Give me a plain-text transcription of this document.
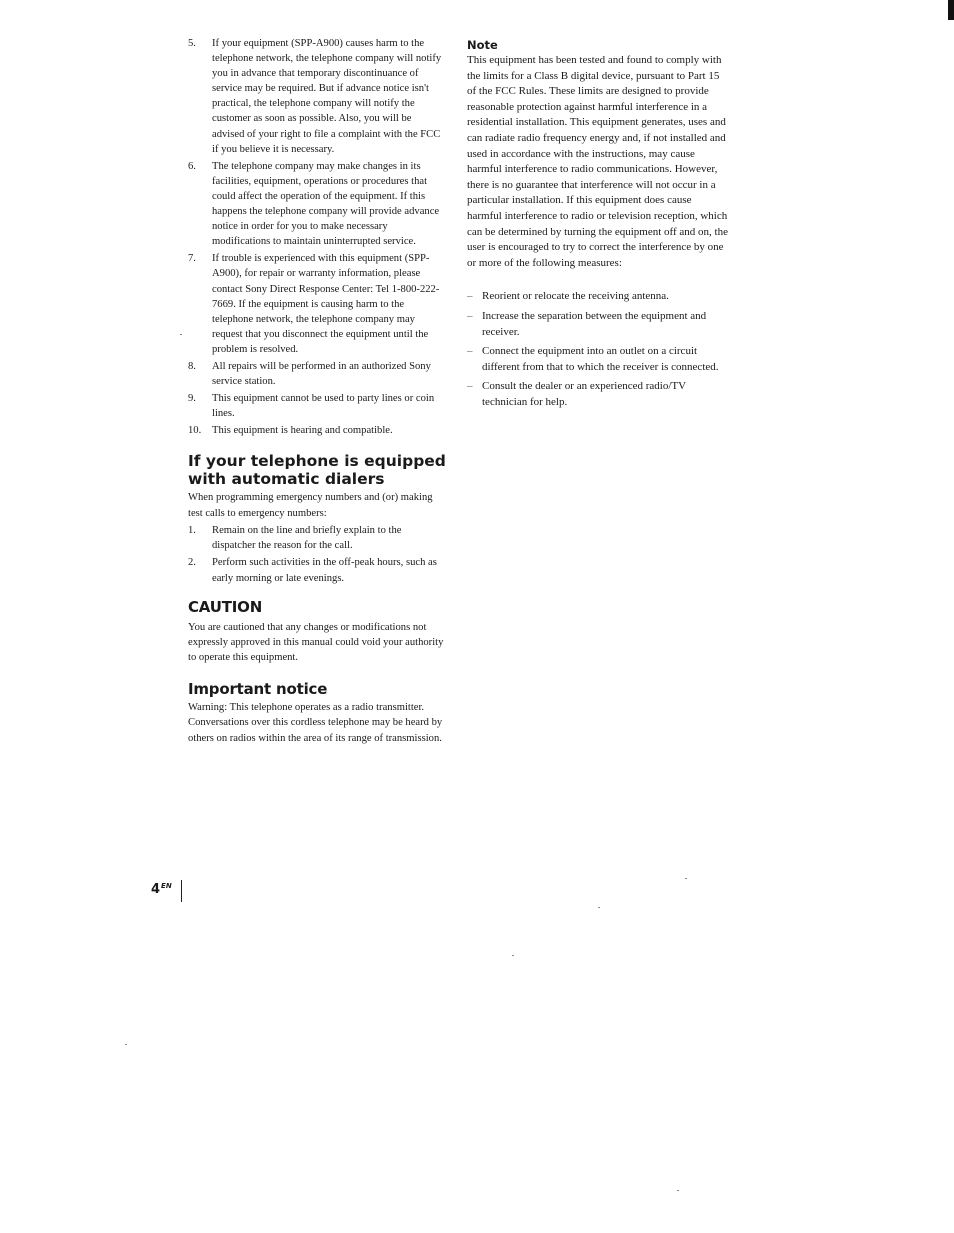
5.	If your equipment (SPP-A900) causes harm to the telephone network, the telephone company will notify you in advance that temporary discontinuance of service may be required. But if advance notice isn't practical, the telephone company will notify the customer as soon as possible. Also, you will be advised of your right to file a complaint with the FCC if you believe it is necessary.
6.	The telephone company may make changes in its facilities, equipment, operations or procedures that could affect the operation of the equipment. If this happens the telephone company will provide advance notice in order for you to make necessary modifications to maintain uninterrupted service.
7.	If trouble is experienced with this equipment (SPP-A900), for repair or warranty information, please contact Sony Direct Response Center: Tel 1-800-222-7669. If the equipment is causing harm to the telephone network, the telephone company may request that you disconnect the equipment until the problem is resolved.
8.	All repairs will be performed in an authorized Sony service station.
9.	This equipment cannot be used to party lines or coin lines.
10.	This equipment is hearing and compatible.
If your telephone is equipped with automatic dialers

When programming emergency numbers and (or) making test calls to emergency numbers:

1.	Remain on the line and briefly explain to the dispatcher the reason for the call.
2.	Perform such activities in the off-peak hours, such as early morning or late evenings.
CAUTION

You are cautioned that any changes or modifications not expressly approved in this manual could void your authority to operate this equipment.

Important notice

Warning: This telephone operates as a radio transmitter. Conversations over this cordless telephone may be heard by others on radios within the area of its range of transmission.

Note

This equipment has been tested and found to comply with the limits for a Class B digital device, pursuant to Part 15 of the FCC Rules. These limits are designed to provide reasonable protection against harmful interference in a residential installation. This equipment generates, uses and can radiate radio frequency energy and, if not installed and used in accordance with the instructions, may cause harmful interference to radio communications. However, there is no guarantee that interference will not occur in a particular installation. If this equipment does cause harmful interference to radio or television reception, which can be determined by turning the equipment off and on, the user is encouraged to try to correct the interference by one or more of the following measures:

– Reorient or relocate the receiving antenna.
– Increase the separation between the equipment and receiver.
– Connect the equipment into an outlet on a circuit different from that to which the receiver is connected.
– Consult the dealer or an experienced radio/TV technician for help.
$4^{EN}$
